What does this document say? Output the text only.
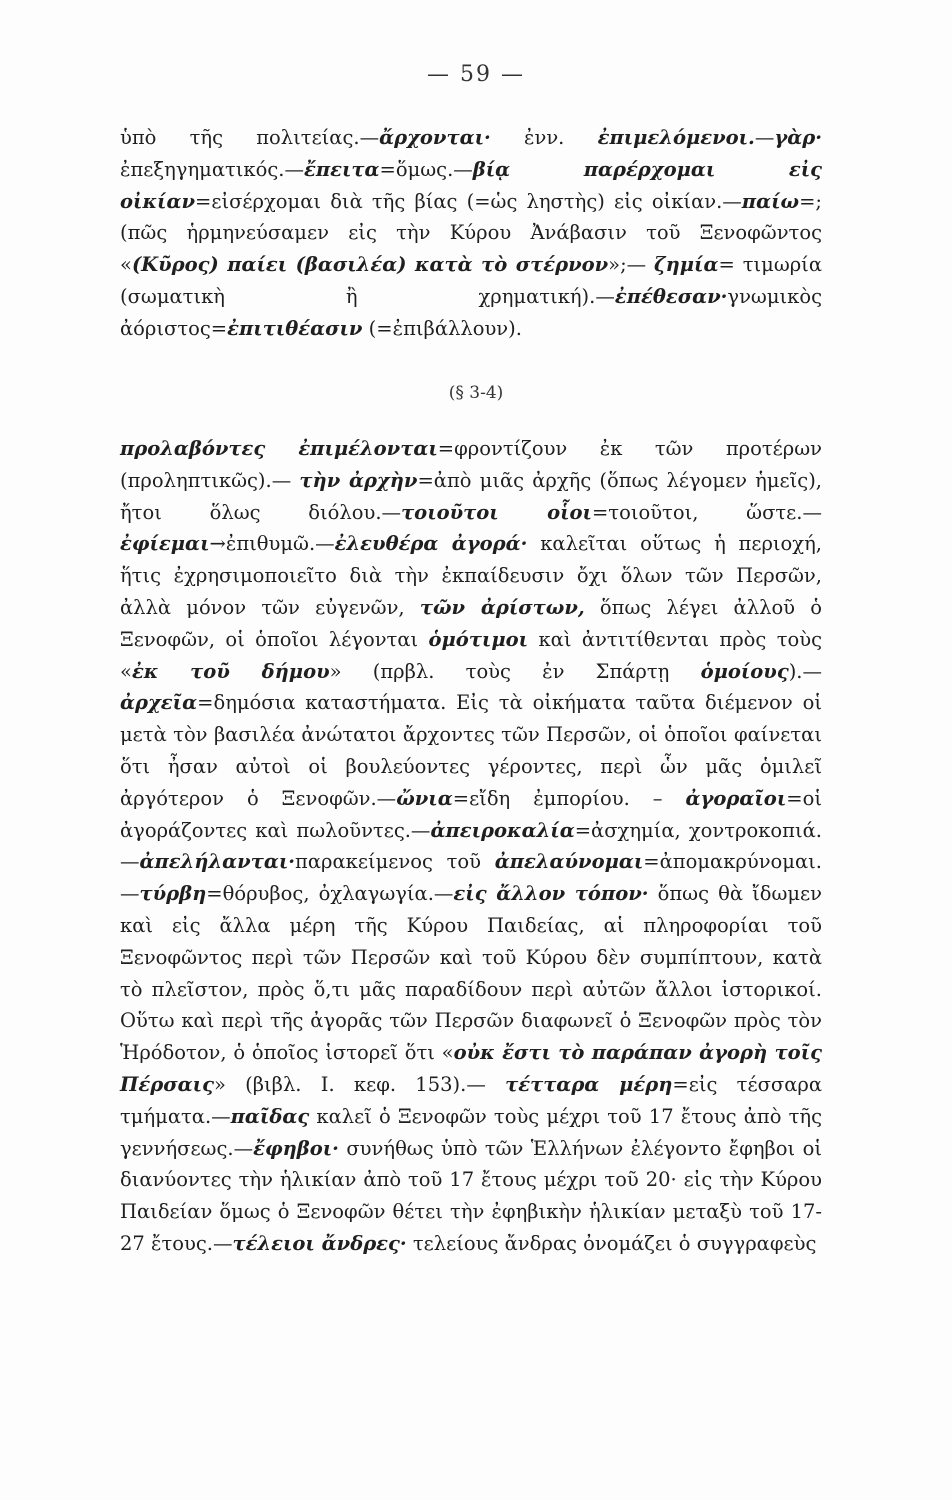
— 59 —
ὑπὸ τῆς πολιτείας.—ἄρχονται· ἐνν. ἐπιμελόμενοι.—γὰρ· ἐπεξηγηματικός.—ἔπειτα=ὅμως.—βίᾳ παρέρχομαι εἰς οἰκίαν=εἰσέρχομαι διὰ τῆς βίας (=ὡς ληστὴς) εἰς οἰκίαν.—παίω=;(πῶς ἡρμηνεύσαμεν εἰς τὴν Κύρου Ἀνάβασιν τοῦ Ξενοφῶντος «(Κῦρος) παίει (βασιλέα) κατὰ τὸ στέρνον»;— ζημία= τιμωρία (σωματικὴ ἢ χρηματική).—ἐπέθεσαν·γνωμικὸς ἀόριστος=ἐπιτιθέασιν (=ἐπιβάλλουν).
(§ 3-4)
προλαβόντες ἐπιμέλονται=φροντίζουν ἐκ τῶν προτέρων (προληπτικῶς).— τὴν ἀρχὴν=ἀπὸ μιᾶς ἀρχῆς (ὅπως λέγομεν ἡμεῖς), ἤτοι ὅλως διόλου.—τοιοῦτοι οἷοι=τοιοῦτοι, ὥστε.—ἐφίεμαι→ἐπιθυμῶ.—ἐλευθέρα ἀγορά· καλεῖται οὕτως ἡ περιοχή, ἥτις ἐχρησιμοποιεῖτο διὰ τὴν ἐκπαίδευσιν ὄχι ὅλων τῶν Περσῶν, ἀλλὰ μόνον τῶν εὐγενῶν, τῶν ἀρίστων, ὅπως λέγει ἀλλοῦ ὁ Ξενοφῶν, οἱ ὁποῖοι λέγονται ὁμότιμοι καὶ ἀντιτίθενται πρὸς τοὺς «ἐκ τοῦ δήμου» (πρβλ. τοὺς ἐν Σπάρτῃ ὁμοίους).— ἀρχεῖα=δημόσια καταστήματα. Εἰς τὰ οἰκήματα ταῦτα διέμενον οἱ μετὰ τὸν βασιλέα ἀνώτατοι ἄρχοντες τῶν Περσῶν, οἱ ὁποῖοι φαίνεται ὅτι ἦσαν αὐτοὶ οἱ βουλεύοντες γέροντες, περὶ ὧν μᾶς ὁμιλεῖ ἀργότερον ὁ Ξενοφῶν.—ὤνια=εἴδη ἐμπορίου. – ἀγοραῖοι=οἱ ἀγοράζοντες καὶ πωλοῦντες.—ἀπειροκαλία=ἀσχημία, χοντροκοπιά.—ἀπελήλανται·παρακείμενος τοῦ ἀπελαύνομαι=ἀπομακρύνομαι.—τύρβη=θόρυβος, ὀχλαγωγία.—εἰς ἄλλον τόπον· ὅπως θὰ ἴδωμεν καὶ εἰς ἄλλα μέρη τῆς Κύρου Παιδείας, αἱ πληροφορίαι τοῦ Ξενοφῶντος περὶ τῶν Περσῶν καὶ τοῦ Κύρου δὲν συμπίπτουν, κατὰ τὸ πλεῖστον, πρὸς ὅ,τι μᾶς παραδίδουν περὶ αὐτῶν ἄλλοι ἱστορικοί. Οὕτω καὶ περὶ τῆς ἀγορᾶς τῶν Περσῶν διαφωνεῖ ὁ Ξενοφῶν πρὸς τὸν Ἡρόδοτον, ὁ ὁποῖος ἱστορεῖ ὅτι «οὐκ ἔστι τὸ παράπαν ἀγορὴ τοῖς Πέρσαις» (βιβλ. I. κεφ. 153).— τέτταρα μέρη=εἰς τέσσαρα τμήματα.—παῖδας καλεῖ ὁ Ξενοφῶν τοὺς μέχρι τοῦ 17 ἔτους ἀπὸ τῆς γεννήσεως.—ἔφηβοι· συνήθως ὑπὸ τῶν Ἑλλήνων ἐλέγοντο ἔφηβοι οἱ διανύοντες τὴν ἡλικίαν ἀπὸ τοῦ 17 ἔτους μέχρι τοῦ 20· εἰς τὴν Κύρου Παιδείαν ὅμως ὁ Ξενοφῶν θέτει τὴν ἐφηβικὴν ἡλικίαν μεταξὺ τοῦ 17-27 ἔτους.—τέλειοι ἄνδρες· τελείους ἄνδρας ὀνομάζει ὁ συγγραφεὺς
